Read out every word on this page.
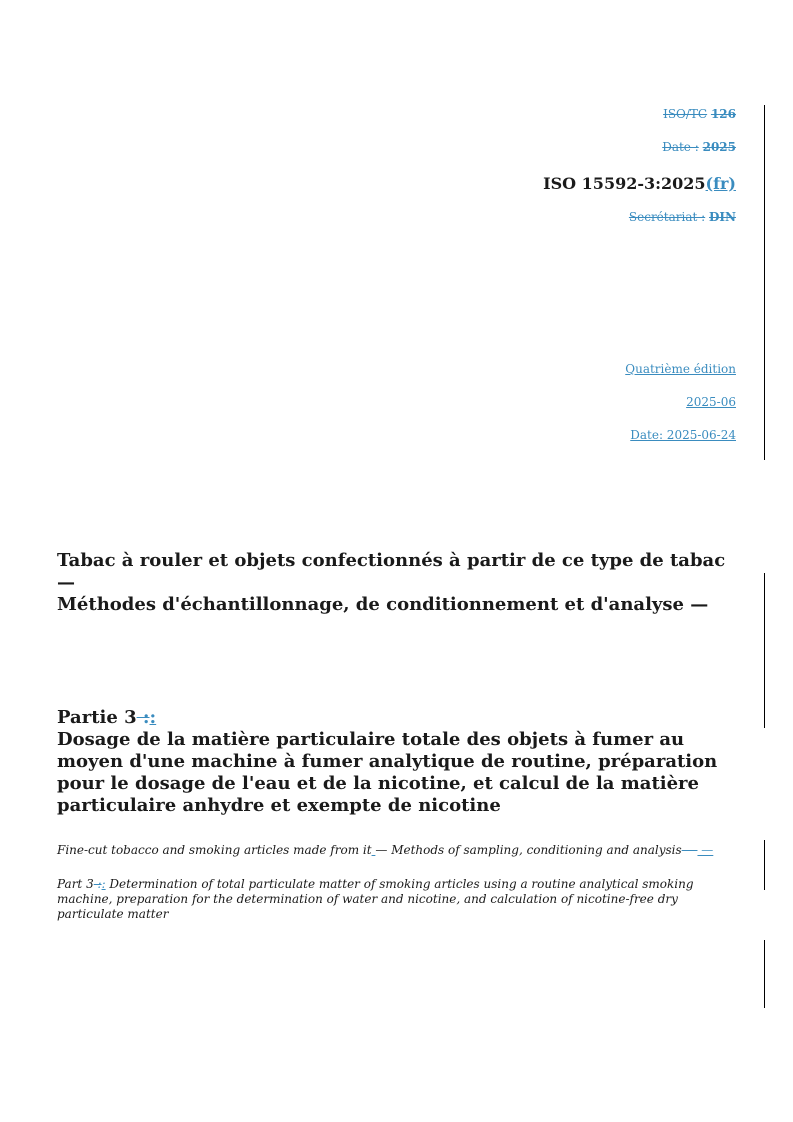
ISO/TC 126
Date : 2025
ISO 15592-3:2025(fr)
Secrétariat : DIN
Quatrième édition
2025-06
Date: 2025-06-24
Tabac à rouler et objets confectionnés à partir de ce type de tabac —
Méthodes d'échantillonnage, de conditionnement et d'analyse —
Partie 3 ::
Dosage de la matière particulaire totale des objets à fumer au moyen d'une machine à fumer analytique de routine, préparation pour le dosage de l'eau et de la nicotine, et calcul de la matière particulaire anhydre et exempte de nicotine
Fine-cut tobacco and smoking articles made from it — Methods of sampling, conditioning and analysis — —
Part 3 :: Determination of total particulate matter of smoking articles using a routine analytical smoking machine, preparation for the determination of water and nicotine, and calculation of nicotine-free dry particulate matter
